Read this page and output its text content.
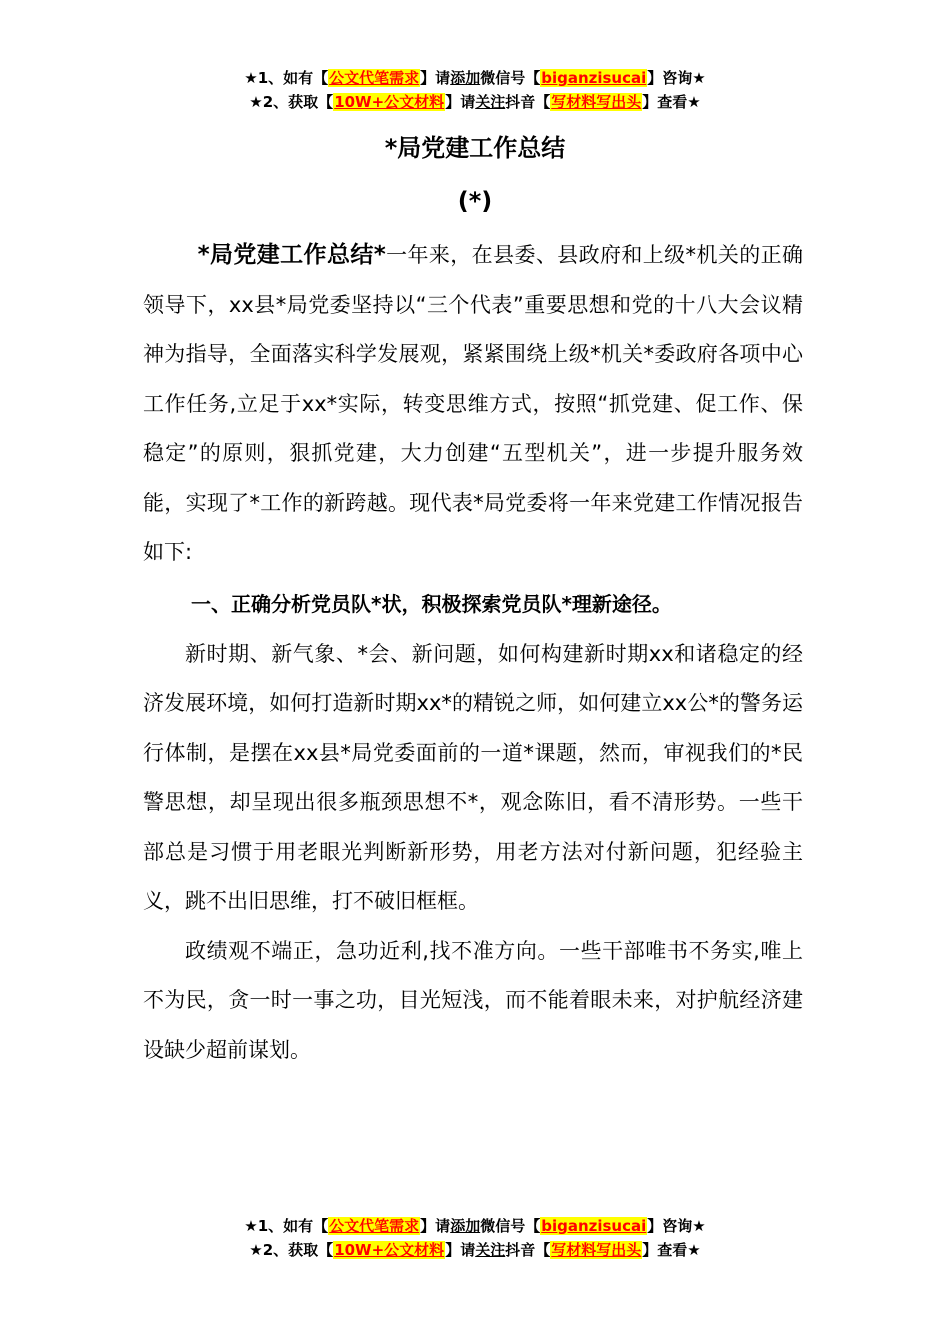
★1、如有【公文代笔需求】请添加微信号【biganzisucai】咨询★
★2、获取【10W+公文材料】请关注抖音【写材料写出头】查看★
*局党建工作总结
(*)

*局党建工作总结*一年来，在县委、县政府和上级*机关的正确领导下，xx县*局党委坚持以“三个代表”重要思想和党的十八大会议精神为指导，全面落实科学发展观，紧紧围绕上级*机关*委政府各项中心工作任务,立足于xx*实际，转变思维方式，按照“抓党建、促工作、保稳定”的原则，狠抓党建，大力创建“五型机关”，进一步提升服务效能，实现了*工作的新跨越。现代表*局党委将一年来党建工作情况报告如下:

一、正确分析党员队*状，积极探索党员队*理新途径。

新时期、新气象、*会、新问题，如何构建新时期xx和诸稳定的经济发展环境，如何打造新时期xx*的精锐之师，如何建立xx公*的警务运行体制，是摆在xx县*局党委面前的一道*课题，然而，审视我们的*民警思想，却呈现出很多瓶颈思想不*，观念陈旧，看不清形势。一些干部总是习惯于用老眼光判断新形势，用老方法对付新问题，犯经验主义，跳不出旧思维，打不破旧框框。

政绩观不端正，急功近利,找不准方向。一些干部唯书不务实,唯上不为民，贪一时一事之功，目光短浅，而不能着眼未来，对护航经济建设缺少超前谋划。

★1、如有【公文代笔需求】请添加微信号【biganzisucai】咨询★
★2、获取【10W+公文材料】请关注抖音【写材料写出头】查看★
